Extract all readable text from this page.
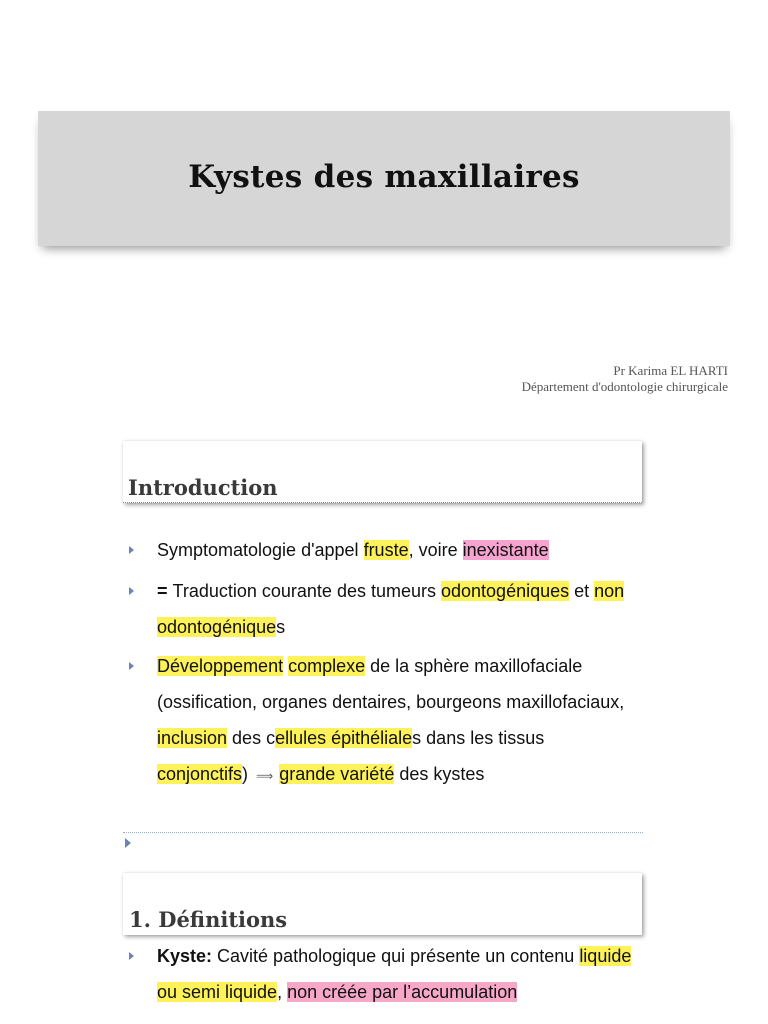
Kystes des maxillaires
Pr Karima EL HARTI
Département d'odontologie chirurgicale
Introduction
Symptomatologie d'appel fruste, voire inexistante
= Traduction courante des tumeurs odontogéniques et non odontogéniques
Développement complexe de la sphère maxillofaciale (ossification, organes dentaires, bourgeons maxillofaciaux, inclusion des cellules épithéliales dans les tissus conjonctifs) ⟹ grande variété des kystes
1. Définitions
Kyste: Cavité pathologique qui présente un contenu liquide ou semi liquide, non créée par l’accumulation
